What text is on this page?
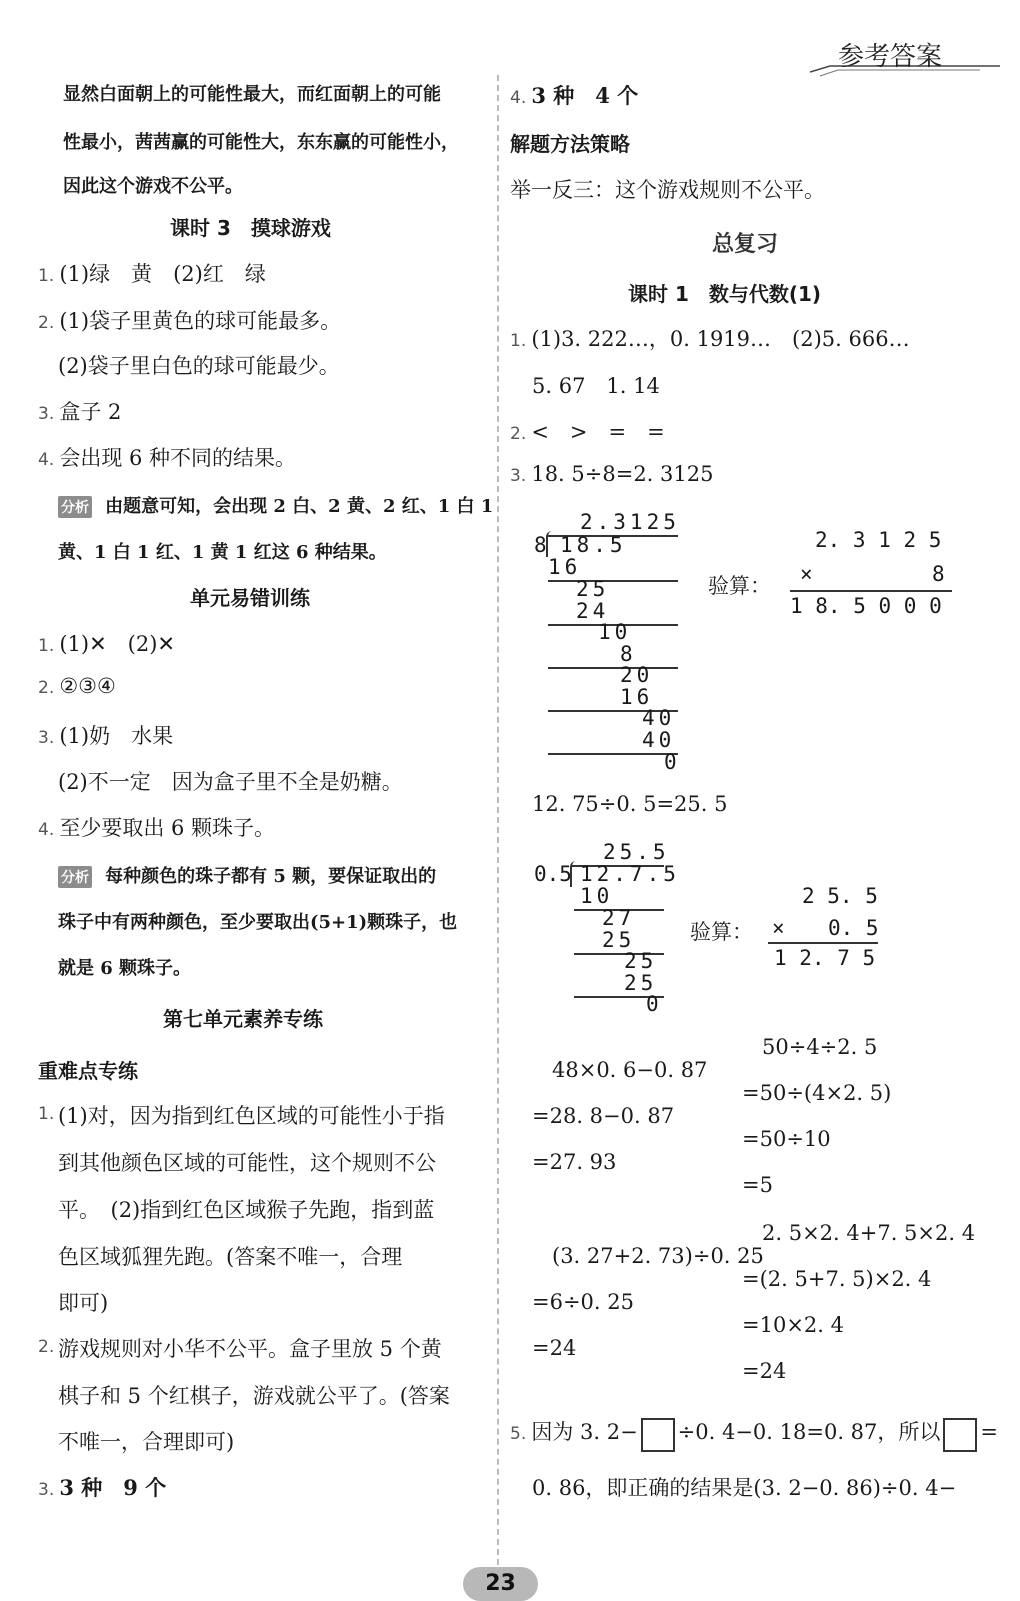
参考答案
显然白面朝上的可能性最大，而红面朝上的可能
性最小，茜茜赢的可能性大，东东赢的可能性小，
因此这个游戏不公平。
课时 3　摸球游戏
1. (1)绿　黄　(2)红　绿
2. (1)袋子里黄色的球可能最多。
(2)袋子里白色的球可能最少。
3. 盒子 2
4. 会出现 6 种不同的结果。
分析 由题意可知，会出现 2 白、2 黄、2 红、1 白 1
黄、1 白 1 红、1 黄 1 红这 6 种结果。
单元易错训练
1. (1)✕　(2)✕
2. ②③④
3. (1)奶　水果
(2)不一定　因为盒子里不全是奶糖。
4. 至少要取出 6 颗珠子。
分析 每种颜色的珠子都有 5 颗，要保证取出的
珠子中有两种颜色，至少要取出(5+1)颗珠子，也
就是 6 颗珠子。
第七单元素养专练
重难点专练
1. (1)对，因为指到红色区域的可能性小于指
到其他颜色区域的可能性，这个规则不公
平。　(2)指到红色区域猴子先跑，指到蓝
色区域狐狸先跑。(答案不唯一，合理
即可)
2. 游戏规则对小华不公平。盒子里放 5 个黄
棋子和 5 个红棋子，游戏就公平了。(答案
不唯一，合理即可)
3. 3 种　9 个
4. 3 种　4 个
解题方法策略
举一反三：这个游戏规则不公平。
总复习
课时 1　数与代数(1)
1. (1)3. 222…，0. 1919…　(2)5. 666…
5. 67　1. 14
2. <　>　=　=
3. 18. 5÷8=2. 3125
2.3125
8 18.5
16
25
24
10
8
20
16
40
40
0
验算：
2. 3 1 2 5
×	8
1 8. 5 0 0 0
12. 75÷0. 5=25. 5
25.5
0.5 12.7.5
10
27
25
25
25
0
验算：
2 5. 5
× 0. 5
1 2. 7 5
48×0. 6−0. 87
=28. 8−0. 87
=27. 93
50÷4÷2. 5
=50÷(4×2. 5)
=50÷10
=5
(3. 27+2. 73)÷0. 25
=6÷0. 25
=24
2. 5×2. 4+7. 5×2. 4
=(2. 5+7. 5)×2. 4
=10×2. 4
=24
5. 因为 3. 2− ÷0. 4−0. 18=0. 87，所以 =
0. 86，即正确的结果是(3. 2−0. 86)÷0. 4−
23
